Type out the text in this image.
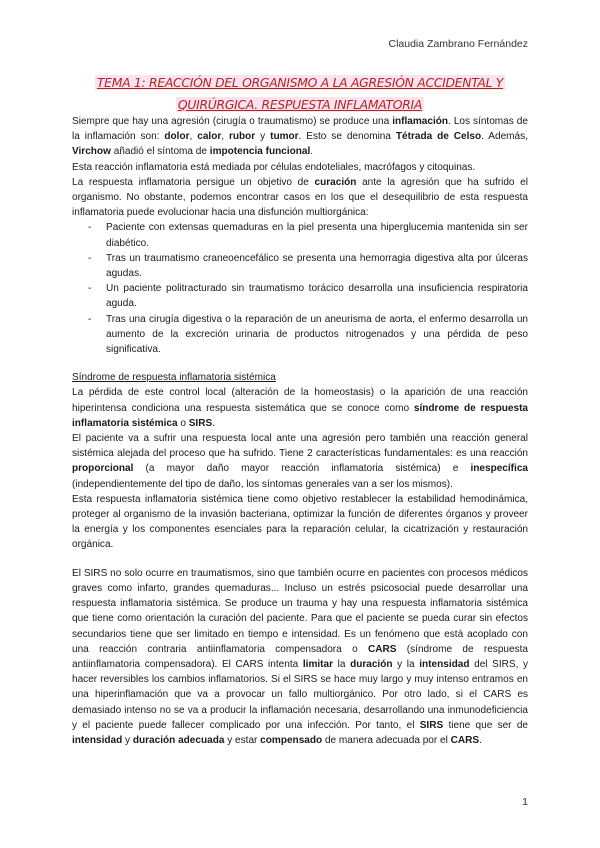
Claudia Zambrano Fernández
TEMA 1: REACCIÓN DEL ORGANISMO A LA AGRESIÓN ACCIDENTAL Y
QUIRÚRGICA. RESPUESTA INFLAMATORIA

Siempre que hay una agresión (cirugía o traumatismo) se produce una inflamación. Los síntomas de la inflamación son: dolor, calor, rubor y tumor. Esto se denomina Tétrada de Celso. Además, Virchow añadió el síntoma de impotencia funcional.

Esta reacción inflamatoria está mediada por células endoteliales, macrófagos y citoquinas.

La respuesta inflamatoria persigue un objetivo de curación ante la agresión que ha sufrido el organismo. No obstante, podemos encontrar casos en los que el desequilibrio de esta respuesta inflamatoria puede evolucionar hacia una disfunción multiorgánica:

- Paciente con extensas quemaduras en la piel presenta una hiperglucemia mantenida sin ser diabético.
- Tras un traumatismo craneoencefálico se presenta una hemorragia digestiva alta por úlceras agudas.
- Un paciente politracturado sin traumatismo torácico desarrolla una insuficiencia respiratoria aguda.
- Tras una cirugía digestiva o la reparación de un aneurisma de aorta, el enfermo desarrolla un aumento de la excreción urinaria de productos nitrogenados y una pérdida de peso significativa.

Síndrome de respuesta inflamatoria sistémica

La pérdida de este control local (alteración de la homeostasis) o la aparición de una reacción hiperintensa condiciona una respuesta sistemática que se conoce como síndrome de respuesta inflamatoria sistémica o SIRS.

El paciente va a sufrir una respuesta local ante una agresión pero también una reacción general sistémica alejada del proceso que ha sufrido. Tiene 2 características fundamentales: es una reacción proporcional (a mayor daño mayor reacción inflamatoria sistémica) e inespecífica (independientemente del tipo de daño, los síntomas generales van a ser los mismos).

Esta respuesta inflamatoria sistémica tiene como objetivo restablecer la estabilidad hemodinámica, proteger al organismo de la invasión bacteriana, optimizar la función de diferentes órganos y proveer la energía y los componentes esenciales para la reparación celular, la cicatrización y restauración orgánica.

El SIRS no solo ocurre en traumatismos, sino que también ocurre en pacientes con procesos médicos graves como infarto, grandes quemaduras... Incluso un estrés psicosocial puede desarrollar una respuesta inflamatoria sistémica. Se produce un trauma y hay una respuesta inflamatoria sistémica que tiene como orientación la curación del paciente. Para que el paciente se pueda curar sin efectos secundarios tiene que ser limitado en tiempo e intensidad. Es un fenómeno que está acoplado con una reacción contraria antiinflamatoria compensadora o CARS (síndrome de respuesta antiinflamatoria compensadora). El CARS intenta limitar la duración y la intensidad del SIRS, y hacer reversibles los cambios inflamatorios. Si el SIRS se hace muy largo y muy intenso entramos en una hiperinflamación que va a provocar un fallo multiorgánico. Por otro lado, si el CARS es demasiado intenso no se va a producir la inflamación necesaria, desarrollando una inmunodeficiencia y el paciente puede fallecer complicado por una infección. Por tanto, el SIRS tiene que ser de intensidad y duración adecuada y estar compensado de manera adecuada por el CARS.

1
